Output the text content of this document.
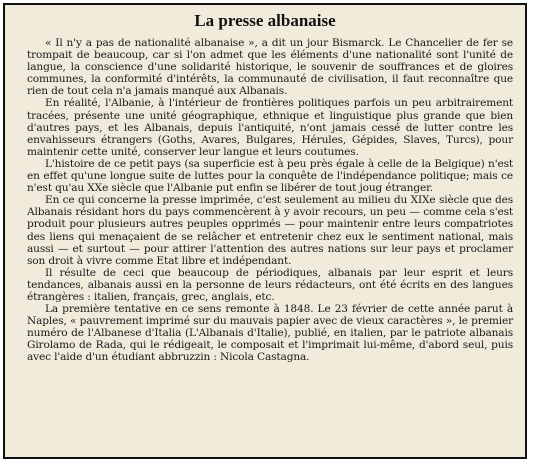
La presse albanaise

« Il n'y a pas de nationalité albanaise », a dit un jour Bismarck. Le Chancelier de fer se trompait de beaucoup, car si l'on admet que les éléments d'une nationalité sont l'unité de langue, la conscience d'une solidarité historique, le souvenir de souffrances et de gloires communes, la conformité d'intérêts, la communauté de civilisation, il faut reconnaître que rien de tout cela n'a jamais manqué aux Albanais.

En réalité, l'Albanie, à l'intérieur de frontières politiques parfois un peu arbitrairement tracées, présente une unité géographique, ethnique et linguistique plus grande que bien d'autres pays, et les Albanais, depuis l'antiquité, n'ont jamais cessé de lutter contre les envahisseurs étrangers (Goths, Avares, Bulgares, Hérules, Gépides, Slaves, Turcs), pour maintenir cette unité, conserver leur langue et leurs coutumes.

L'histoire de ce petit pays (sa superficie est à peu près égale à celle de la Belgique) n'est en effet qu'une longue suite de luttes pour la conquête de l'indépendance politique; mais ce n'est qu'au XXe siècle que l'Albanie put enfin se libérer de tout joug étranger.

En ce qui concerne la presse imprimée, c'est seulement au milieu du XIXe siècle que des Albanais résidant hors du pays commencèrent à y avoir recours, un peu — comme cela s'est produit pour plusieurs autres peuples opprimés — pour maintenir entre leurs compatriotes des liens qui menaçaient de se relâcher et entretenir chez eux le sentiment national, mais aussi — et surtout — pour attirer l'attention des autres nations sur leur pays et proclamer son droit à vivre comme Etat libre et indépendant.

Il résulte de ceci que beaucoup de périodiques, albanais par leur esprit et leurs tendances, albanais aussi en la personne de leurs rédacteurs, ont été écrits en des langues étrangères : italien, français, grec, anglais, etc.

La première tentative en ce sens remonte à 1848. Le 23 février de cette année parut à Naples, « pauvrement imprimé sur du mauvais papier avec de vieux caractères », le premier numéro de l'Albanese d'Italia (L'Albanais d'Italie), publié, en italien, par le patriote albanais Girolamo de Rada, qui le rédigeait, le composait et l'imprimait lui-même, d'abord seul, puis avec l'aide d'un étudiant abbruzzin : Nicola Castagna.
